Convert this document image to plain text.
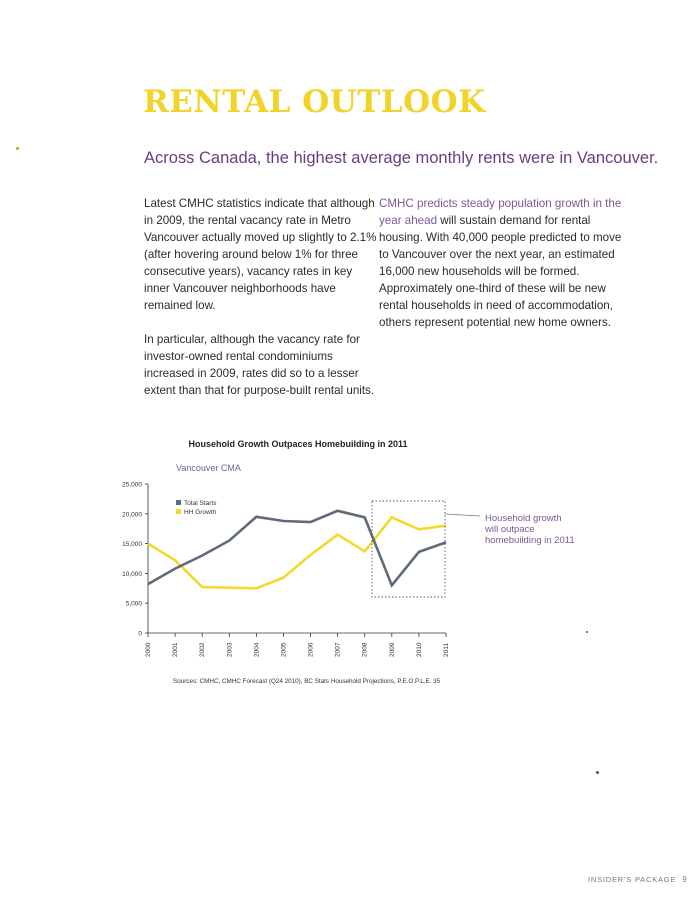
RENTAL OUTLOOK

Across Canada, the highest average monthly rents were in Vancouver.

Latest CMHC statistics indicate that although in 2009, the rental vacancy rate in Metro Vancouver actually moved up slightly to 2.1% (after hovering around below 1% for three consecutive years), vacancy rates in key inner Vancouver neighborhoods have remained low.

In particular, although the vacancy rate for investor-owned rental condominiums increased in 2009, rates did so to a lesser extent than that for purpose-built rental units.

CMHC predicts steady population growth in the year ahead will sustain demand for rental housing. With 40,000 people predicted to move to Vancouver over the next year, an estimated 16,000 new households will be formed. Approximately one-third of these will be new rental households in need of accommodation, others represent potential new home owners.

Household Growth Outpaces Homebuilding in 2011
Vancouver CMA
0
5,000
10,000
15,000
20,000
25,000
2000	2001	2002	2003	2004	2005	2006	2007	2008	2009	2010	2011
Household growth will outpace homebuilding in 2011
Total Starts
HH Growth
Sources: CMHC, CMHC Forecast (Q24 2010), BC Stats Household Projections, P.E.O.P.L.E. 35
INSIDER'S PACKAGE 9
